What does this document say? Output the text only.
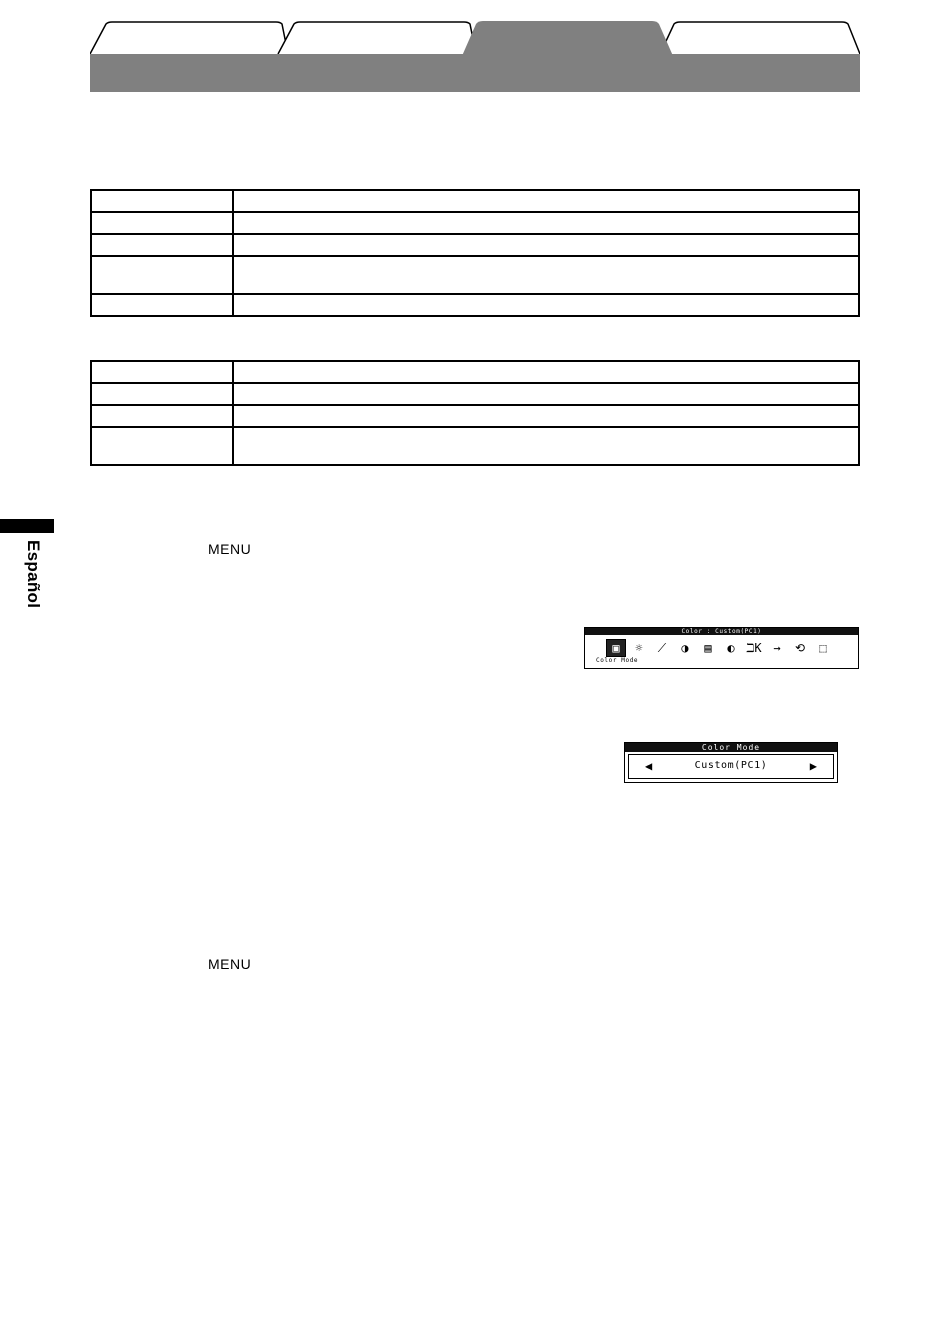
Español	MENU
MENU
Color : Custom(PC1)
▣	☼	⟋	◑	▤	◐ ℶK →	⟲	⬚
Color Mode
Color Mode
◀	Custom(PC1)	▶
